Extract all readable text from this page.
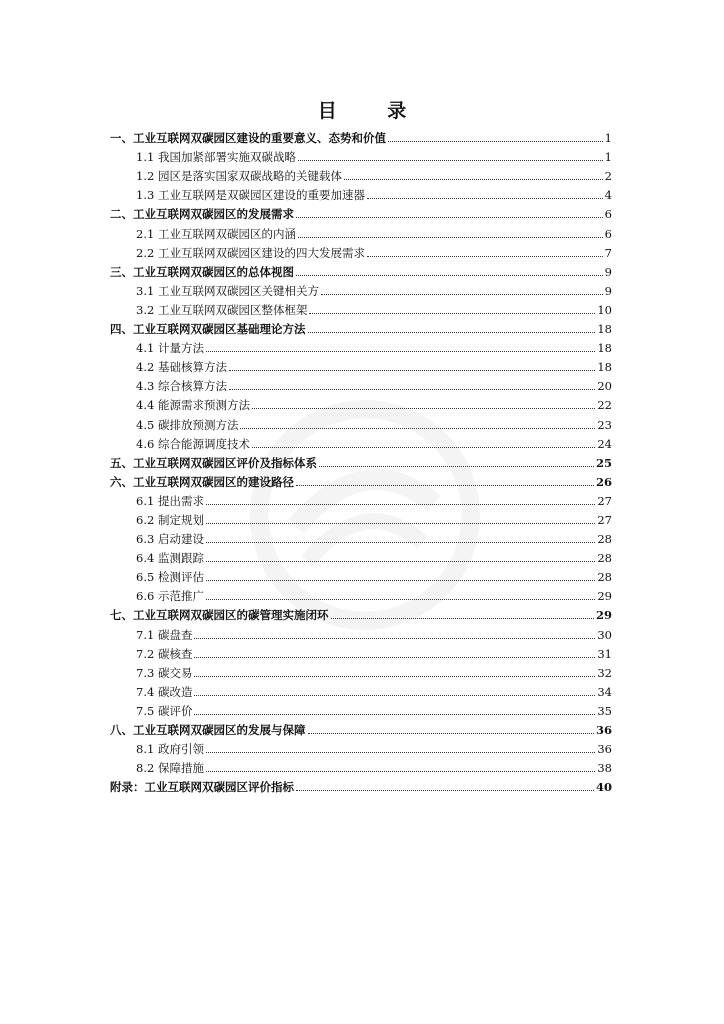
目 录
一、工业互联网双碳园区建设的重要意义、态势和价值	1
1.1 我国加紧部署实施双碳战略	1
1.2 园区是落实国家双碳战略的关键载体	2
1.3 工业互联网是双碳园区建设的重要加速器	4
二、工业互联网双碳园区的发展需求	6
2.1 工业互联网双碳园区的内涵	6
2.2 工业互联网双碳园区建设的四大发展需求	7
三、工业互联网双碳园区的总体视图	9
3.1 工业互联网双碳园区关键相关方	9
3.2 工业互联网双碳园区整体框架	10
四、工业互联网双碳园区基础理论方法	18
4.1 计量方法	18
4.2 基础核算方法	18
4.3 综合核算方法	20
4.4 能源需求预测方法	22
4.5 碳排放预测方法	23
4.6 综合能源调度技术	24
五、工业互联网双碳园区评价及指标体系	25
六、工业互联网双碳园区的建设路径	26
6.1 提出需求	27
6.2 制定规划	27
6.3 启动建设	28
6.4 监测跟踪	28
6.5 检测评估	28
6.6 示范推广	29
七、工业互联网双碳园区的碳管理实施闭环	29
7.1 碳盘查	30
7.2 碳核查	31
7.3 碳交易	32
7.4 碳改造	34
7.5 碳评价	35
八、工业互联网双碳园区的发展与保障	36
8.1 政府引领	36
8.2 保障措施	38
附录：工业互联网双碳园区评价指标	40
